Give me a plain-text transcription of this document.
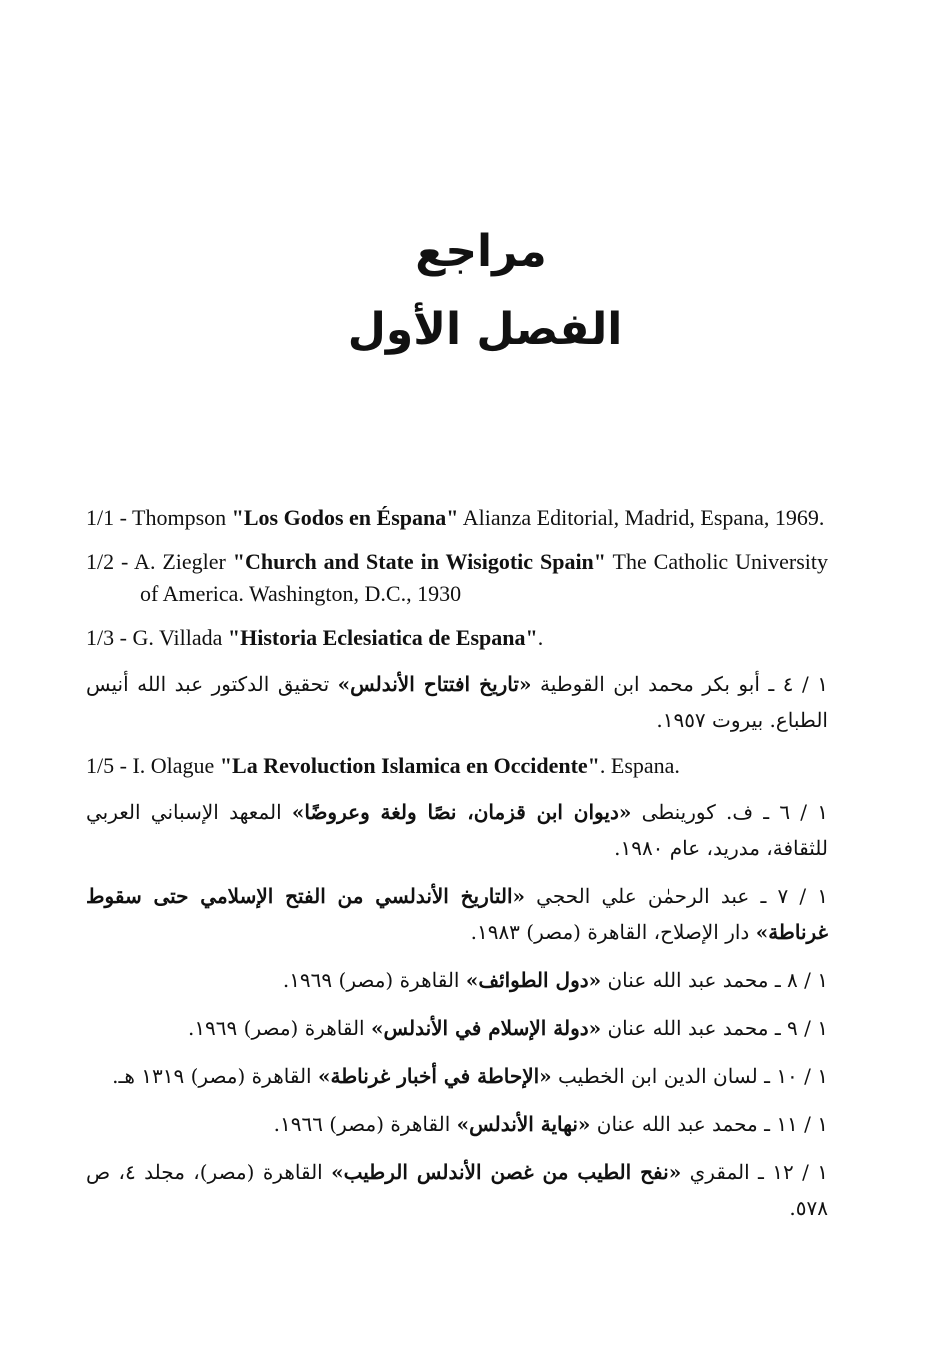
مراجع
الفصل الأول

1/1 - Thompson "Los Godos en Éspana" Alianza Editorial, Madrid, Espana, 1969.

1/2 - A. Ziegler "Church and State in Wisigotic Spain" The Catholic University of America. Washington, D.C., 1930

1/3 - G. Villada "Historia Eclesiatica de Espana".

١ / ٤ ـ أبو بكر محمد ابن القوطية «تاريخ افتتاح الأندلس» تحقيق الدكتور عبد الله أنيس الطباع. بيروت ١٩٥٧.

1/5 - I. Olague "La Revoluction Islamica en Occidente". Espana.

١ / ٦ ـ ف. كورينطى «ديوان ابن قزمان، نصًا ولغة وعروضًا» المعهد الإسباني العربي للثقافة، مدريد، عام ١٩٨٠.

١ / ٧ ـ عبد الرحمٰن علي الحجي «التاريخ الأندلسي من الفتح الإسلامي حتى سقوط غرناطة» دار الإصلاح، القاهرة (مصر) ١٩٨٣.

١ / ٨ ـ محمد عبد الله عنان «دول الطوائف» القاهرة (مصر) ١٩٦٩.

١ / ٩ ـ محمد عبد الله عنان «دولة الإسلام في الأندلس» القاهرة (مصر) ١٩٦٩.

١ / ١٠ ـ لسان الدين ابن الخطيب «الإحاطة في أخبار غرناطة» القاهرة (مصر) ١٣١٩ هـ.

١ / ١١ ـ محمد عبد الله عنان «نهاية الأندلس» القاهرة (مصر) ١٩٦٦.

١ / ١٢ ـ المقري «نفح الطيب من غصن الأندلس الرطيب» القاهرة (مصر)، مجلد ٤، ص ٥٧٨.
